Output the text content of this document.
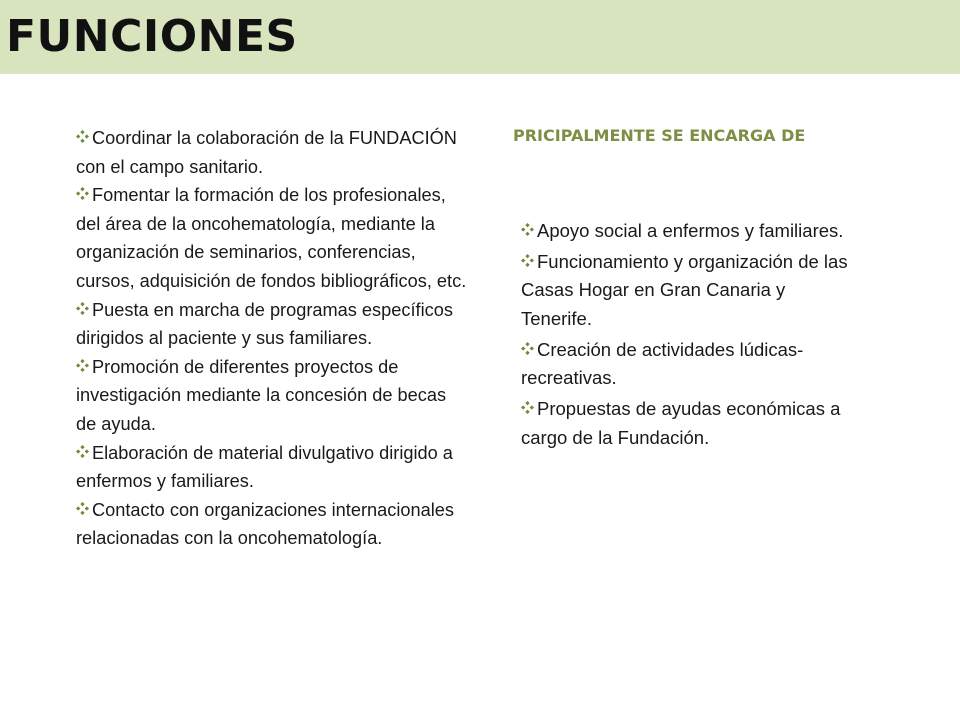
FUNCIONES
Coordinar la colaboración de la FUNDACIÓN con el campo sanitario.
Fomentar la formación de los profesionales, del área de la oncohematología, mediante la organización de seminarios, conferencias, cursos, adquisición de fondos bibliográficos, etc.
Puesta en marcha de programas específicos dirigidos al paciente y sus familiares.
Promoción de diferentes proyectos de investigación mediante la concesión de becas de ayuda.
Elaboración de material divulgativo dirigido a enfermos y familiares.
Contacto con organizaciones internacionales relacionadas con la oncohematología.
PRICIPALMENTE SE ENCARGA DE
Apoyo social a enfermos y familiares.
Funcionamiento y organización de las Casas Hogar en Gran Canaria y Tenerife.
Creación de actividades lúdicas-recreativas.
Propuestas de ayudas económicas a cargo de la Fundación.
